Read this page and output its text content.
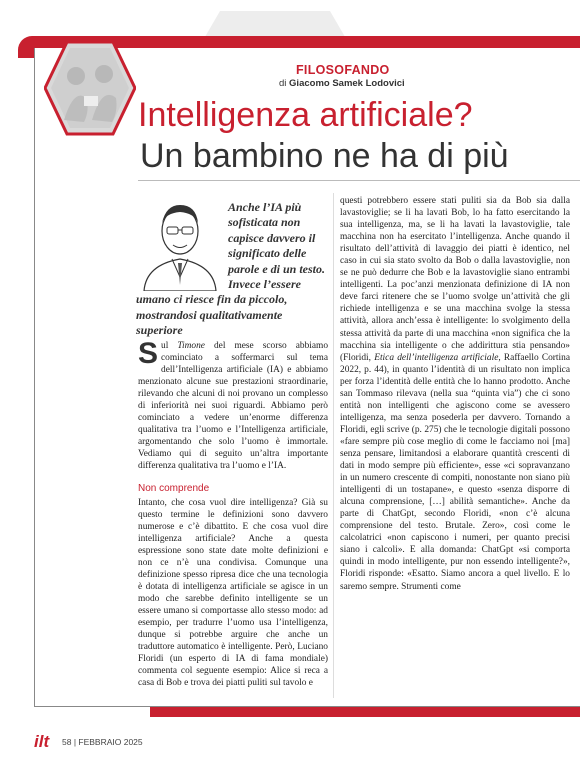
FILOSOFANDO
di Giacomo Samek Lodovici
Intelligenza artificiale?
Un bambino ne ha di più
Anche l’IA più sofisticata non capisce davvero il significato delle parole e di un testo. Invece l’essere umano ci riesce fin da piccolo, mostrandosi qualitativamente superiore

Sul Timone del mese scorso abbiamo cominciato a soffermarci sul tema dell’Intelligenza artificiale (IA) e abbiamo menzionato alcune sue prestazioni straordinarie, rilevando che alcuni di noi provano un complesso di inferiorità nei suoi riguardi. Abbiamo però cominciato a vedere un’enorme differenza qualitativa tra l’uomo e l’Intelligenza artificiale, argomentando che solo l’uomo è immortale. Vediamo qui di seguito un’altra importante differenza qualitativa tra l’uomo e l’IA.

Non comprende

Intanto, che cosa vuol dire intelligenza? Già su questo termine le definizioni sono davvero numerose e c’è dibattito. E che cosa vuol dire intelligenza artificiale? Anche a questa espressione sono state date molte definizioni e non ce n’è una condivisa. Comunque una definizione spesso ripresa dice che una tecnologia è dotata di intelligenza artificiale se agisce in un modo che sarebbe definito intelligente se un essere umano si comportasse allo stesso modo: ad esempio, per tradurre l’uomo usa l’intelligenza, dunque si potrebbe arguire che anche un traduttore automatico è intelligente. Però, Luciano Floridi (un esperto di IA di fama mondiale) commenta col seguente esempio: Alice si reca a casa di Bob e trova dei piatti puliti sul tavolo e

questi potrebbero essere stati puliti sia da Bob sia dalla lavastoviglie; se li ha lavati Bob, lo ha fatto esercitando la sua intelligenza, ma, se li ha lavati la lavastoviglie, tale macchina non ha esercitato l’intelligenza. Anche quando il risultato dell’attività di lavaggio dei piatti è identico, nel caso in cui sia stato svolto da Bob o dalla lavastoviglie, non se ne può dedurre che Bob e la lavastoviglie siano entrambi intelligenti. La poc’anzi menzionata definizione di IA non deve farci ritenere che se l’uomo svolge un’attività che gli richiede intelligenza e se una macchina svolge la stessa attività, allora anch’essa è intelligente: lo svolgimento della stessa attività da parte di una macchina «non significa che la macchina sia intelligente o che addirittura stia pensando» (Floridi, Etica dell’intelligenza artificiale, Raffaello Cortina 2022, p. 44), in quanto l’identità di un risultato non implica per forza l’identità delle entità che lo hanno prodotto. Anche san Tommaso rilevava (nella sua “quinta via”) che ci sono entità non intelligenti che agiscono come se avessero intelligenza, ma senza posederla per davvero. Tornando a Floridi, egli scrive (p. 275) che le tecnologie digitali possono «fare sempre più cose meglio di come le facciamo noi [ma] senza pensare, limitandosi a elaborare quantità crescenti di dati in modo sempre più efficiente», esse «ci sopravanzano in un numero crescente di compiti, nonostante non siano più intelligenti di un tostapane», e questo «senza disporre di alcuna comprensione, […] abilità semantiche». Anche da parte di ChatGpt, secondo Floridi, «non c’è alcuna comprensione del testo. Brutale. Zero», così come le calcolatrici «non capiscono i numeri, per quanto precisi siano i calcoli». E alla domanda: ChatGpt «si comporta quindi in modo intelligente, pur non essendo intelligente?», Floridi risponde: «Esatto. Siamo ancora a quel livello. E lo saremo sempre. Strumenti come

ilt 58 | FEBBRAIO 2025
